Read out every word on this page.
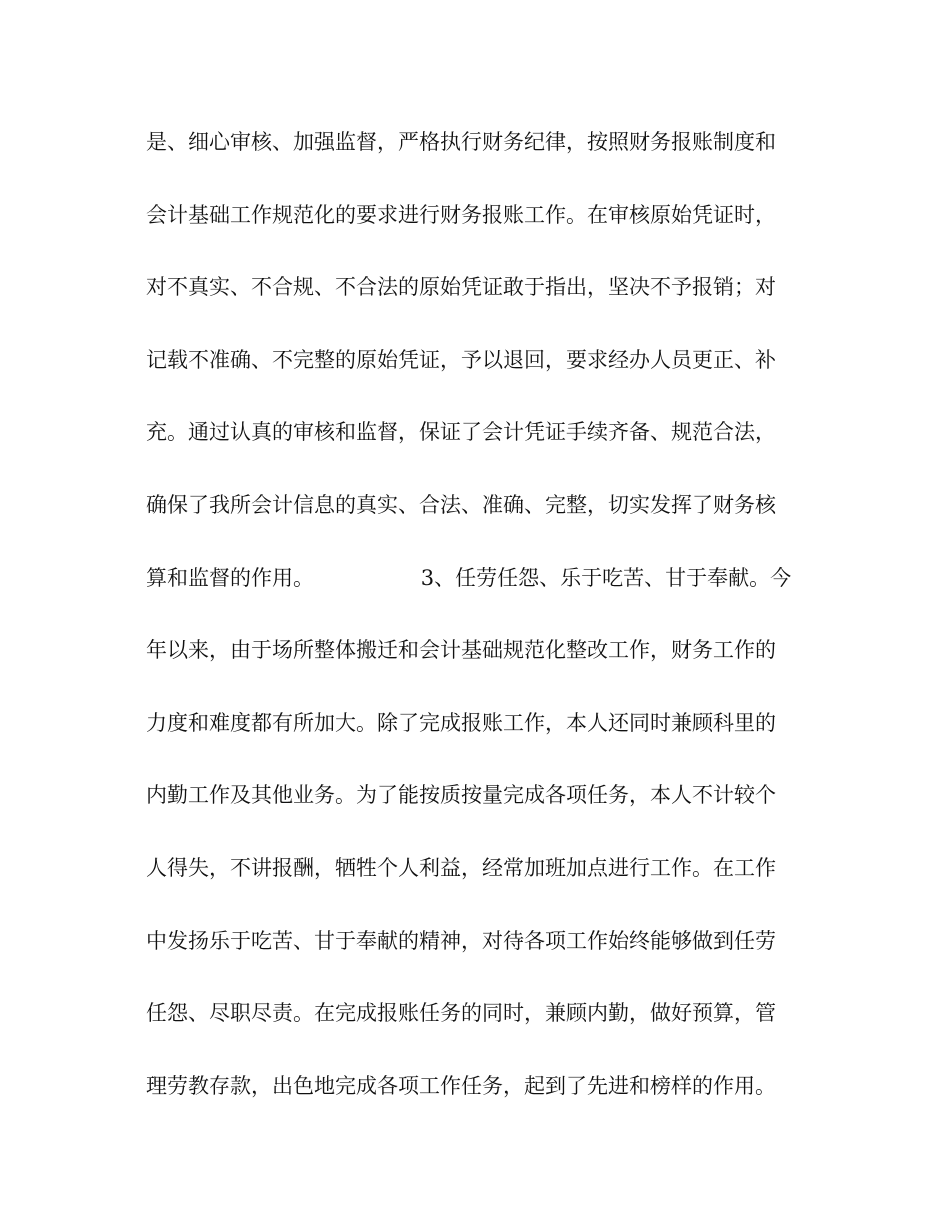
是、细心审核、加强监督，严格执行财务纪律，按照财务报账制度和
会计基础工作规范化的要求进行财务报账工作。在审核原始凭证时，
对不真实、不合规、不合法的原始凭证敢于指出，坚决不予报销；对
记载不准确、不完整的原始凭证，予以退回，要求经办人员更正、补
充。通过认真的审核和监督，保证了会计凭证手续齐备、规范合法，
确保了我所会计信息的真实、合法、准确、完整，切实发挥了财务核
算和监督的作用。                3、任劳任怨、乐于吃苦、甘于奉献。今
年以来，由于场所整体搬迁和会计基础规范化整改工作，财务工作的
力度和难度都有所加大。除了完成报账工作，本人还同时兼顾科里的
内勤工作及其他业务。为了能按质按量完成各项任务，本人不计较个
人得失，不讲报酬，牺牲个人利益，经常加班加点进行工作。在工作
中发扬乐于吃苦、甘于奉献的精神，对待各项工作始终能够做到任劳
任怨、尽职尽责。在完成报账任务的同时，兼顾内勤，做好预算，管
理劳教存款，出色地完成各项工作任务，起到了先进和榜样的作用。
